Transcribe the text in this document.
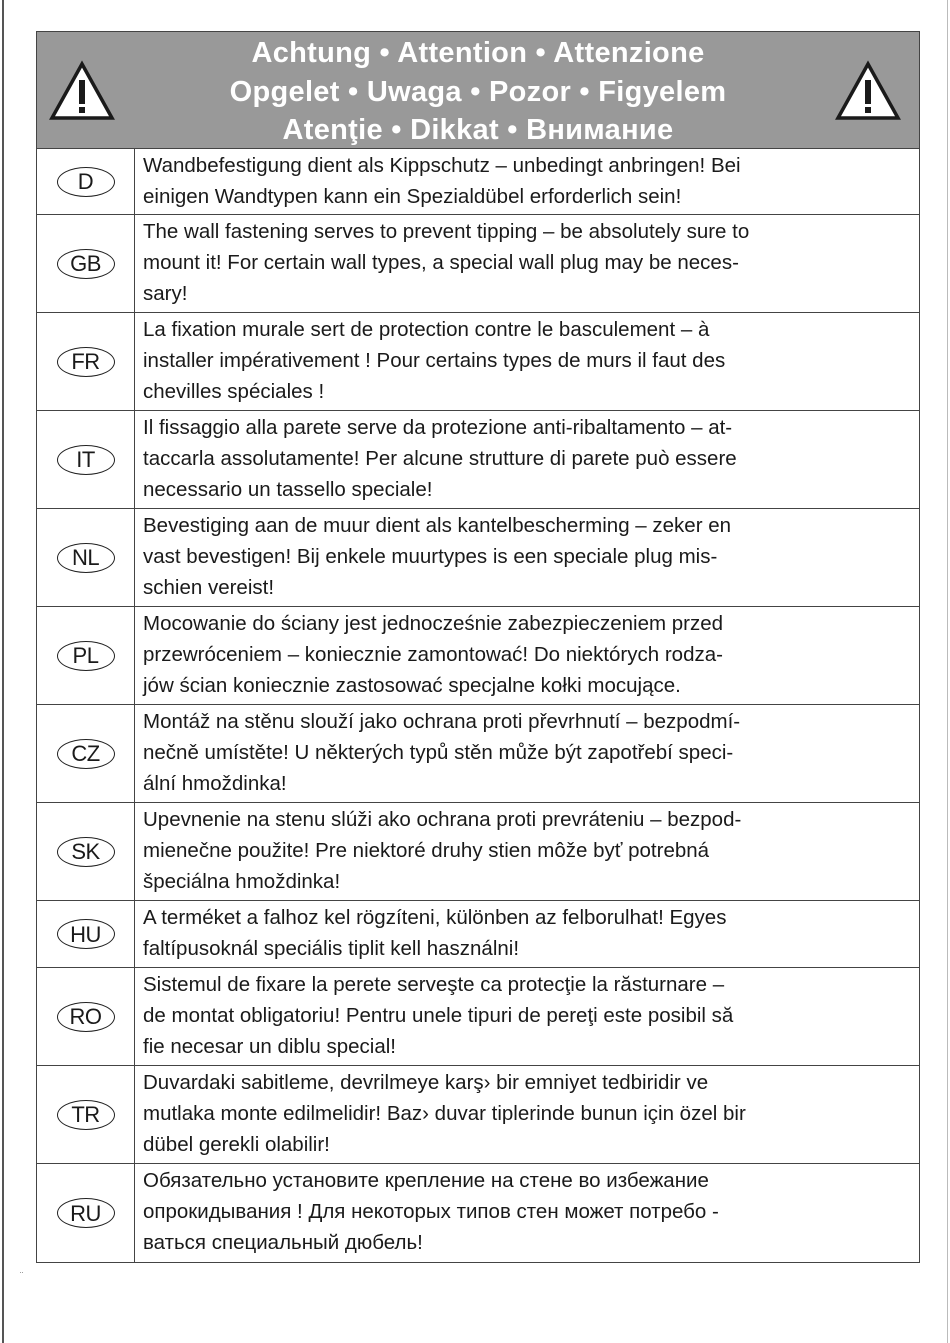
Achtung • Attention • Attenzione
Opgelet • Uwaga • Pozor • Figyelem
Atenţie • Dikkat • Внимание
D
Wandbefestigung dient als Kippschutz – unbedingt anbringen! Bei
einigen Wandtypen kann ein Spezialdübel erforderlich sein!
GB
The wall fastening serves to prevent tipping – be absolutely sure to
mount it! For certain wall types, a special wall plug may be neces-
sary!
FR
La fixation murale sert de protection contre le basculement – à
installer impérativement ! Pour certains types de murs il faut des
chevilles spéciales !
IT
Il fissaggio alla parete serve da protezione anti-ribaltamento – at-
taccarla assolutamente! Per alcune strutture di parete può essere
necessario un tassello speciale!
NL
Bevestiging aan de muur dient als kantelbescherming – zeker en
vast bevestigen! Bij enkele muurtypes is een speciale plug mis-
schien vereist!
PL
Mocowanie do ściany jest jednocześnie zabezpieczeniem przed
przewróceniem – koniecznie zamontować! Do niektórych rodza-
jów ścian koniecznie zastosować specjalne kołki mocujące.
CZ
Montáž na stěnu slouží jako ochrana proti převrhnutí – bezpodmí-
nečně umístěte! U některých typů stěn může být zapotřebí speci-
ální hmoždinka!
SK
Upevnenie na stenu slúži ako ochrana proti prevráteniu – bezpod-
mienečne použite! Pre niektoré druhy stien môže byť potrebná
špeciálna hmoždinka!
HU
A terméket a falhoz kel rögzíteni, különben az felborulhat! Egyes
faltípusoknál speciális tiplit kell használni!
RO
Sistemul de fixare la perete serveşte ca protecţie la răsturnare –
de montat obligatoriu! Pentru unele tipuri de pereţi este posibil să
fie necesar un diblu special!
TR
Duvardaki sabitleme, devrilmeye karş› bir emniyet tedbiridir ve
mutlaka monte edilmelidir! Baz› duvar tiplerinde bunun için özel bir
dübel gerekli olabilir!
RU
Обязательно установите крепление на стене во избежание
опрокидывания ! Для некоторых типов стен может потребо -
ваться специальный дюбель!
¨
